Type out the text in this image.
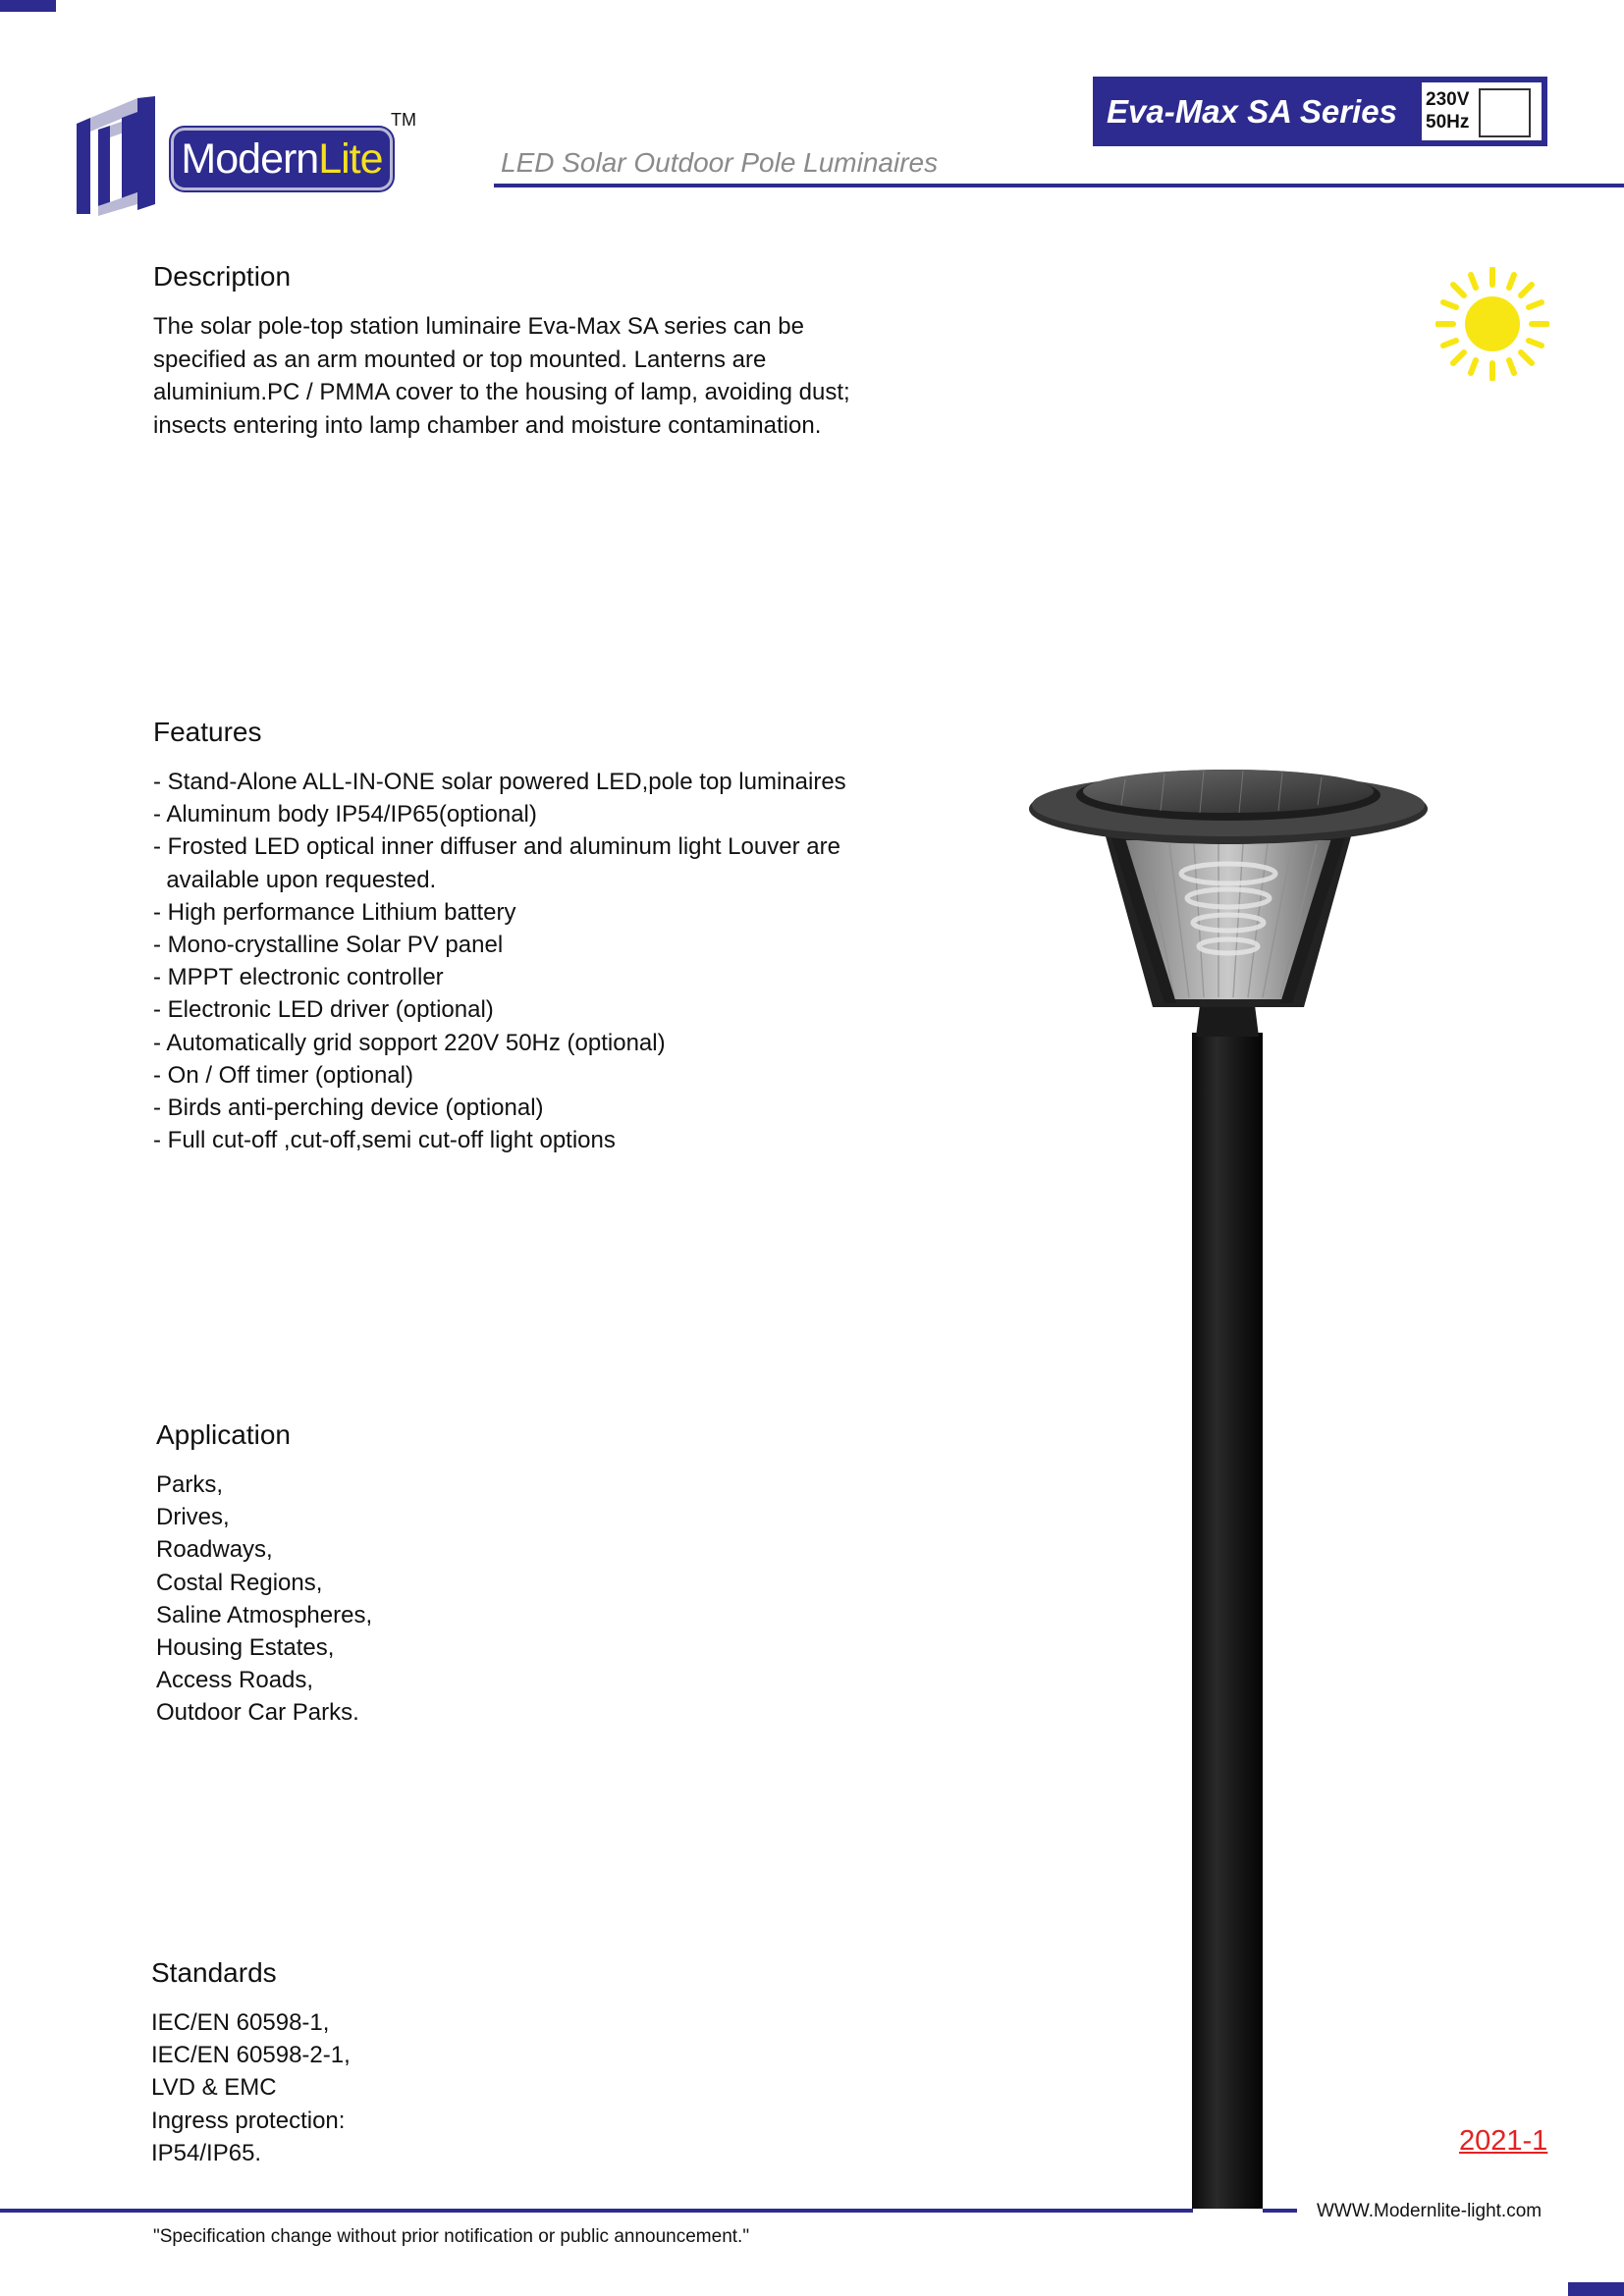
ModernLite
TM	Eva-Max SA Series	230V
50Hz
LED Solar Outdoor Pole Luminaires
Description

The solar pole-top station luminaire Eva-Max SA series can be specified as an arm mounted or top mounted. Lanterns are aluminium.PC / PMMA cover to the housing of lamp, avoiding dust; insects entering into lamp chamber and moisture contamination.

Features
- Stand-Alone ALL-IN-ONE solar powered LED,pole top luminaires
- Aluminum body IP54/IP65(optional)
- Frosted LED optical inner diffuser and aluminum light Louver are
available upon requested.
- High performance Lithium battery
- Mono-crystalline Solar PV panel
- MPPT electronic controller
- Electronic LED driver (optional)
- Automatically grid sopport 220V 50Hz (optional)
- On / Off timer (optional)
- Birds anti-perching device (optional)
- Full cut-off ,cut-off,semi cut-off light options
Application
Parks,
Drives,
Roadways,
Costal Regions,
Saline Atmospheres,
Housing Estates,
Access Roads,
Outdoor Car Parks.
Standards
IEC/EN 60598-1,
IEC/EN 60598-2-1,
LVD & EMC
Ingress protection:
IP54/IP65.	2021-1
WWW.Modernlite-light.com
"Specification change without prior notification or public announcement."
